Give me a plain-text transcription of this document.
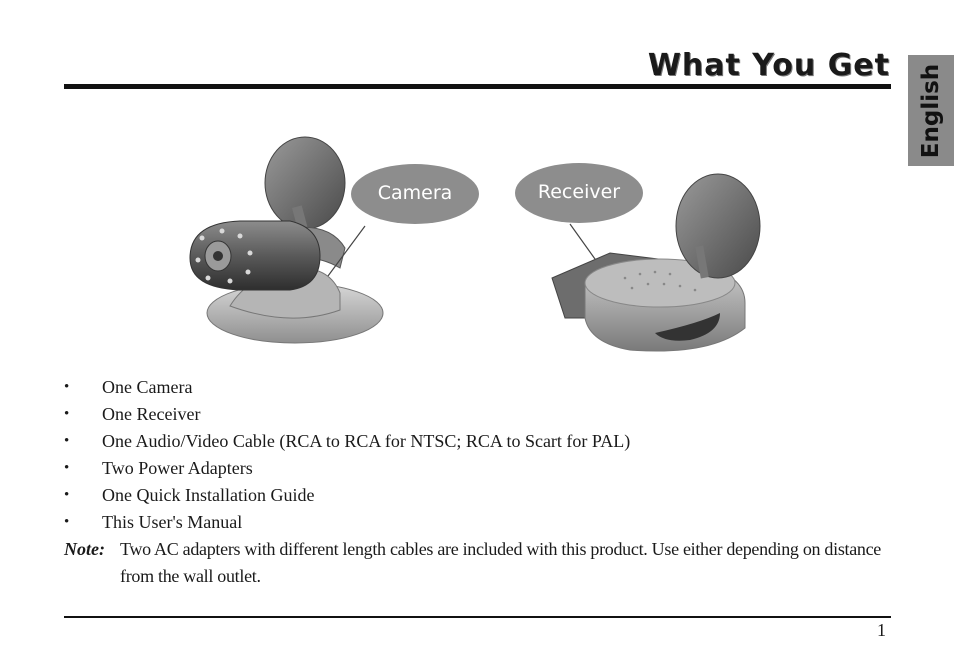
What You Get English
Camera	Receiver
• One Camera
• One Receiver
• One Audio/Video Cable (RCA to RCA for NTSC; RCA to Scart for PAL)
• Two Power Adapters
• One Quick Installation Guide
• This User's Manual
Note: Two AC adapters with different length cables are included with this product. Use either depending on distance from the wall outlet.
1
